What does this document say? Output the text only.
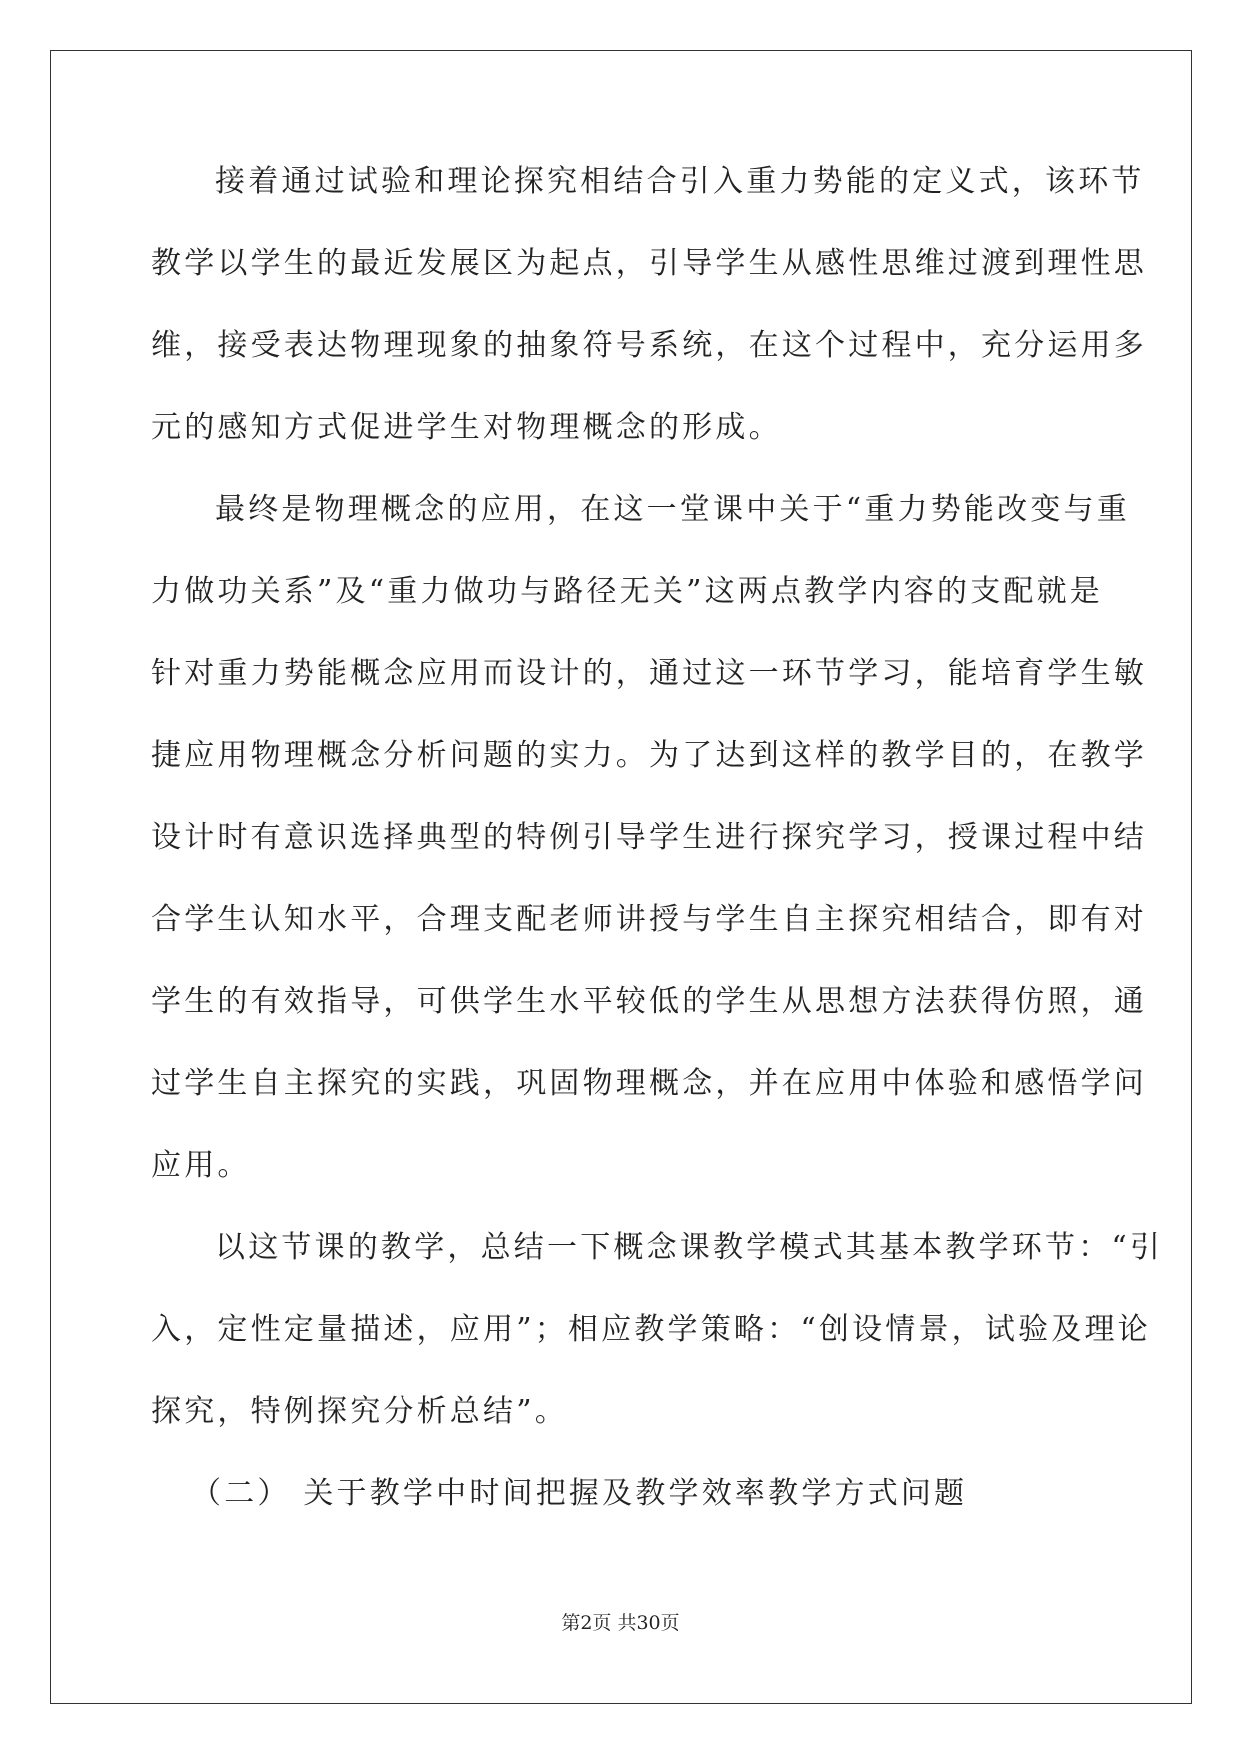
接着通过试验和理论探究相结合引入重力势能的定义式，该环节
教学以学生的最近发展区为起点，引导学生从感性思维过渡到理性思
维，接受表达物理现象的抽象符号系统，在这个过程中，充分运用多
元的感知方式促进学生对物理概念的形成。
最终是物理概念的应用，在这一堂课中关于“重力势能改变与重
力做功关系”及“重力做功与路径无关”这两点教学内容的支配就是
针对重力势能概念应用而设计的，通过这一环节学习，能培育学生敏
捷应用物理概念分析问题的实力。为了达到这样的教学目的，在教学
设计时有意识选择典型的特例引导学生进行探究学习，授课过程中结
合学生认知水平，合理支配老师讲授与学生自主探究相结合，即有对
学生的有效指导，可供学生水平较低的学生从思想方法获得仿照，通
过学生自主探究的实践，巩固物理概念，并在应用中体验和感悟学问
应用。
以这节课的教学，总结一下概念课教学模式其基本教学环节：“引
入，定性定量描述，应用”；相应教学策略：“创设情景，试验及理论
探究，特例探究分析总结”。
（二） 关于教学中时间把握及教学效率教学方式问题
第2页 共30页
